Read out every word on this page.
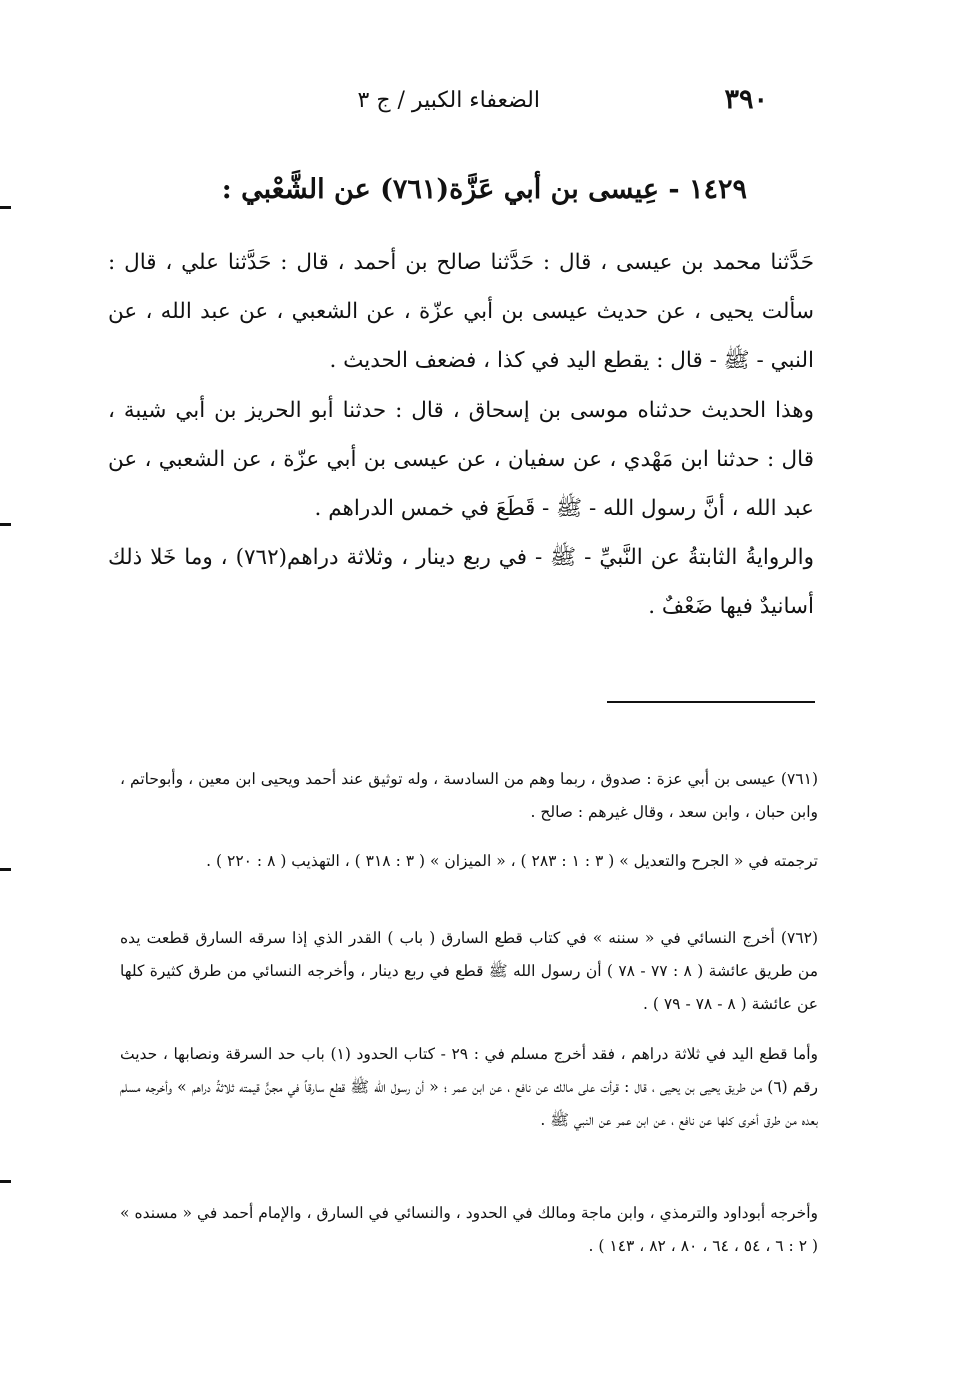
٣٩٠
الضعفاء الكبير / ج ٣
١٤٢٩ - عِيسى بن أبي عَزَّة(٧٦١) عن الشَّعْبي :
حَدَّثنا محمد بن عيسى ، قال : حَدَّثنا صالح بن أحمد ، قال : حَدَّثنا علي ، قال : سألت يحيى ، عن حديث عيسى بن أبي عزّة ، عن الشعبي ، عن عبد الله ، عن النبي - ﷺ - قال : يقطع اليد في كذا ، فضعف الحديث .
وهذا الحديث حدثناه موسى بن إسحاق ، قال : حدثنا أبو الحريز بن أبي شيبة ، قال : حدثنا ابن مَهْدي ، عن سفيان ، عن عيسى بن أبي عزّة ، عن الشعبي ، عن عبد الله ، أنَّ رسول الله - ﷺ - قَطَعَ في خمس الدراهم .
والروايةُ الثابتةُ عن النَّبيِّ - ﷺ - في ربع دينار ، وثلاثة دراهم(٧٦٢) ، وما خَلا ذلك أسانيدٌ فيها ضَعْفٌ .
(٧٦١) عيسى بن أبي عزة : صدوق ، ربما وهم من السادسة ، وله توثيق عند أحمد ويحيى ابن معين ، وأبوحاتم ، وابن حبان ، وابن سعد ، وقال غيرهم : صالح .
ترجمته في « الجرح والتعديل » ( ٣ : ١ : ٢٨٣ ) ، « الميزان » ( ٣ : ٣١٨ ) ، التهذيب ( ٨ : ٢٢٠ ) .
(٧٦٢) أخرج النسائي في « سننه » في كتاب قطع السارق ( باب ) القدر الذي إذا سرقه السارق قطعت يده من طريق عائشة ( ٨ : ٧٧ - ٧٨ ) أن رسول الله ﷺ قطع في ربع دينار ، وأخرجه النسائي من طرق كثيرة كلها عن عائشة ( ٨ - ٧٨ - ٧٩ ) .
وأما قطع اليد في ثلاثة دراهم ، فقد أخرج مسلم في : ٢٩ - كتاب الحدود (١) باب حد السرقة ونصابها ، حديث رقم (٦) من طريق يحيى بن يحيى ، قال : قرأت على مالك عن نافع ، عن ابن عمر ؛ « أن رسول الله ﷺ قطع سارقاً في مجنٍّ قيمته ثلاثةُ دراهم » وأخرجه مسلم بعده من طرق أخرى كلها عن نافع ، عن ابن عمر عن النبي ﷺ .
وأخرجه أبوداود والترمذي ، وابن ماجة ومالك في الحدود ، والنسائي في السارق ، والإمام أحمد في « مسنده » ( ٢ : ٦ ، ٥٤ ، ٦٤ ، ٨٠ ، ٨٢ ، ١٤٣ ) .
